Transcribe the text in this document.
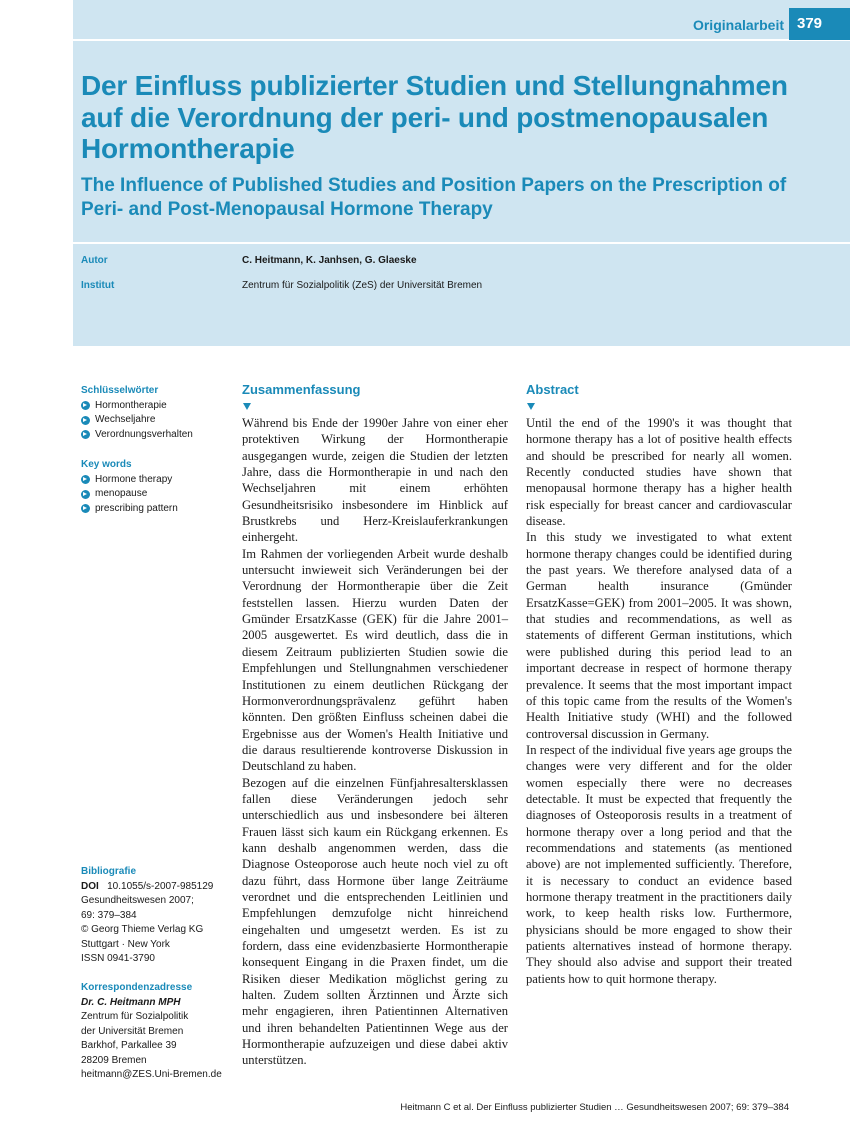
Originalarbeit 379
Der Einfluss publizierter Studien und Stellungnahmen auf die Verordnung der peri- und postmenopausalen Hormontherapie
The Influence of Published Studies and Position Papers on the Prescription of Peri- and Post-Menopausal Hormone Therapy
Autor	C. Heitmann, K. Janhsen, G. Glaeske
Institut	Zentrum für Sozialpolitik (ZeS) der Universität Bremen
Schlüsselwörter
Hormontherapie
Wechseljahre
Verordnungsverhalten
Key words
Hormone therapy
menopause
prescribing pattern
Bibliografie
DOI 10.1055/s-2007-985129
Gesundheitswesen 2007;
69: 379–384
© Georg Thieme Verlag KG
Stuttgart · New York
ISSN 0941-3790
Korrespondenzadresse
Dr. C. Heitmann MPH
Zentrum für Sozialpolitik
der Universität Bremen
Barkhof, Parkallee 39
28209 Bremen
heitmann@ZES.Uni-Bremen.de
Zusammenfassung

Während bis Ende der 1990er Jahre von einer eher protektiven Wirkung der Hormontherapie ausgegangen wurde, zeigen die Studien der letzten Jahre, dass die Hormontherapie in und nach den Wechseljahren mit einem erhöhten Gesundheitsrisiko insbesondere im Hinblick auf Brustkrebs und Herz-Kreislauferkrankungen einhergeht.

Im Rahmen der vorliegenden Arbeit wurde deshalb untersucht inwieweit sich Veränderungen bei der Verordnung der Hormontherapie über die Zeit feststellen lassen. Hierzu wurden Daten der Gmünder ErsatzKasse (GEK) für die Jahre 2001–2005 ausgewertet. Es wird deutlich, dass die in diesem Zeitraum publizierten Studien sowie die Empfehlungen und Stellungnahmen verschiedener Institutionen zu einem deutlichen Rückgang der Hormonverordnungsprävalenz geführt haben könnten. Den größten Einfluss scheinen dabei die Ergebnisse aus der Women's Health Initiative und die daraus resultierende kontroverse Diskussion in Deutschland zu haben.

Bezogen auf die einzelnen Fünfjahresaltersklassen fallen diese Veränderungen jedoch sehr unterschiedlich aus und insbesondere bei älteren Frauen lässt sich kaum ein Rückgang erkennen. Es kann deshalb angenommen werden, dass die Diagnose Osteoporose auch heute noch viel zu oft dazu führt, dass Hormone über lange Zeiträume verordnet und die entsprechenden Leitlinien und Empfehlungen demzufolge nicht hinreichend eingehalten und umgesetzt werden. Es ist zu fordern, dass eine evidenzbasierte Hormontherapie konsequent Eingang in die Praxen findet, um die Risiken dieser Medikation möglichst gering zu halten. Zudem sollten Ärztinnen und Ärzte sich mehr engagieren, ihren Patientinnen Alternativen und ihren behandelten Patientinnen Wege aus der Hormontherapie aufzuzeigen und diese dabei aktiv unterstützen.

Abstract

Until the end of the 1990's it was thought that hormone therapy has a lot of positive health effects and should be prescribed for nearly all women. Recently conducted studies have shown that menopausal hormone therapy has a higher health risk especially for breast cancer and cardiovascular disease.

In this study we investigated to what extent hormone therapy changes could be identified during the past years. We therefore analysed data of a German health insurance (Gmünder ErsatzKasse=GEK) from 2001–2005. It was shown, that studies and recommendations, as well as statements of different German institutions, which were published during this period lead to an important decrease in respect of hormone therapy prevalence. It seems that the most important impact of this topic came from the results of the Women's Health Initiative study (WHI) and the followed controversal discussion in Germany.

In respect of the individual five years age groups the changes were very different and for the older women especially there were no decreases detectable. It must be expected that frequently the diagnoses of Osteoporosis results in a treatment of hormone therapy over a long period and that the recommendations and statements (as mentioned above) are not implemented sufficiently. Therefore, it is necessary to conduct an evidence based hormone therapy treatment in the practitioners daily work, to keep health risks low. Furthermore, physicians should be more engaged to show their patients alternatives instead of hormone therapy. They should also advise and support their treated patients how to quit hormone therapy.

Heitmann C et al. Der Einfluss publizierter Studien … Gesundheitswesen 2007; 69: 379–384
